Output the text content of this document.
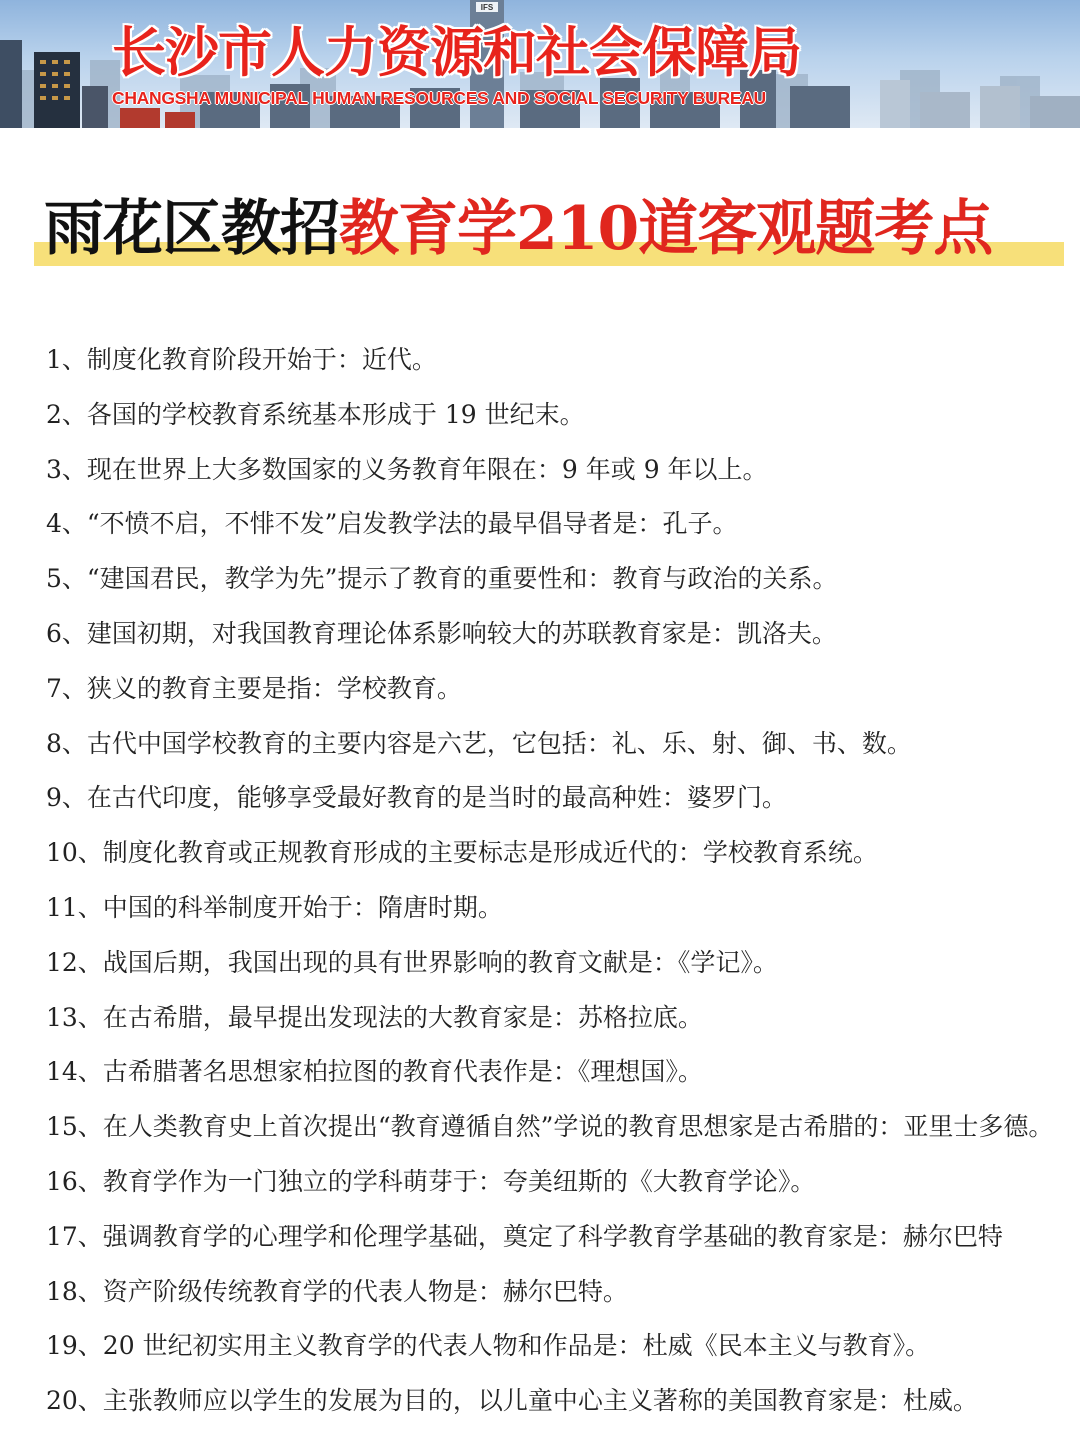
IFS
长沙市人力资源和社会保障局
CHANGSHA MUNICIPAL HUMAN RESOURCES AND SOCIAL SECURITY BUREAU
雨花区教招教育学210道客观题考点
1、制度化教育阶段开始于：近代。
2、各国的学校教育系统基本形成于 19 世纪末。
3、现在世界上大多数国家的义务教育年限在：9 年或 9 年以上。
4、“不愤不启，不悱不发”启发教学法的最早倡导者是：孔子。
5、“建国君民，教学为先”提示了教育的重要性和：教育与政治的关系。
6、建国初期，对我国教育理论体系影响较大的苏联教育家是：凯洛夫。
7、狭义的教育主要是指：学校教育。
8、古代中国学校教育的主要内容是六艺，它包括：礼、乐、射、御、书、数。
9、在古代印度，能够享受最好教育的是当时的最高种姓：婆罗门。
10、制度化教育或正规教育形成的主要标志是形成近代的：学校教育系统。
11、中国的科举制度开始于：隋唐时期。
12、战国后期，我国出现的具有世界影响的教育文献是：《学记》。
13、在古希腊，最早提出发现法的大教育家是：苏格拉底。
14、古希腊著名思想家柏拉图的教育代表作是：《理想国》。
15、在人类教育史上首次提出“教育遵循自然”学说的教育思想家是古希腊的：亚里士多德。
16、教育学作为一门独立的学科萌芽于：夸美纽斯的《大教育学论》。
17、强调教育学的心理学和伦理学基础，奠定了科学教育学基础的教育家是：赫尔巴特
18、资产阶级传统教育学的代表人物是：赫尔巴特。
19、20 世纪初实用主义教育学的代表人物和作品是：杜威《民本主义与教育》。
20、主张教师应以学生的发展为目的，以儿童中心主义著称的美国教育家是：杜威。
